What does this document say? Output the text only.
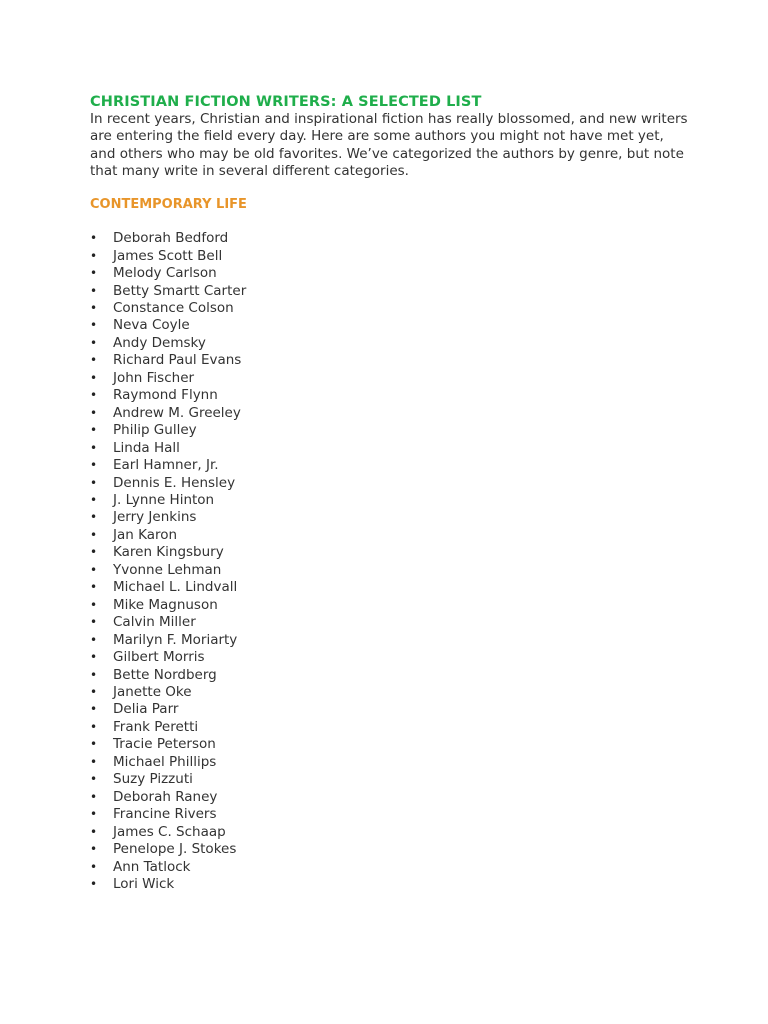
CHRISTIAN FICTION WRITERS: A SELECTED LIST

In recent years, Christian and inspirational fiction has really blossomed, and new writers are entering the field every day. Here are some authors you might not have met yet, and others who may be old favorites. We’ve categorized the authors by genre, but note that many write in several different categories.

CONTEMPORARY LIFE
• Deborah Bedford
• James Scott Bell
• Melody Carlson
• Betty Smartt Carter
• Constance Colson
• Neva Coyle
• Andy Demsky
• Richard Paul Evans
• John Fischer
• Raymond Flynn
• Andrew M. Greeley
• Philip Gulley
• Linda Hall
• Earl Hamner, Jr.
• Dennis E. Hensley
• J. Lynne Hinton
• Jerry Jenkins
• Jan Karon
• Karen Kingsbury
• Yvonne Lehman
• Michael L. Lindvall
• Mike Magnuson
• Calvin Miller
• Marilyn F. Moriarty
• Gilbert Morris
• Bette Nordberg
• Janette Oke
• Delia Parr
• Frank Peretti
• Tracie Peterson
• Michael Phillips
• Suzy Pizzuti
• Deborah Raney
• Francine Rivers
• James C. Schaap
• Penelope J. Stokes
• Ann Tatlock
• Lori Wick
